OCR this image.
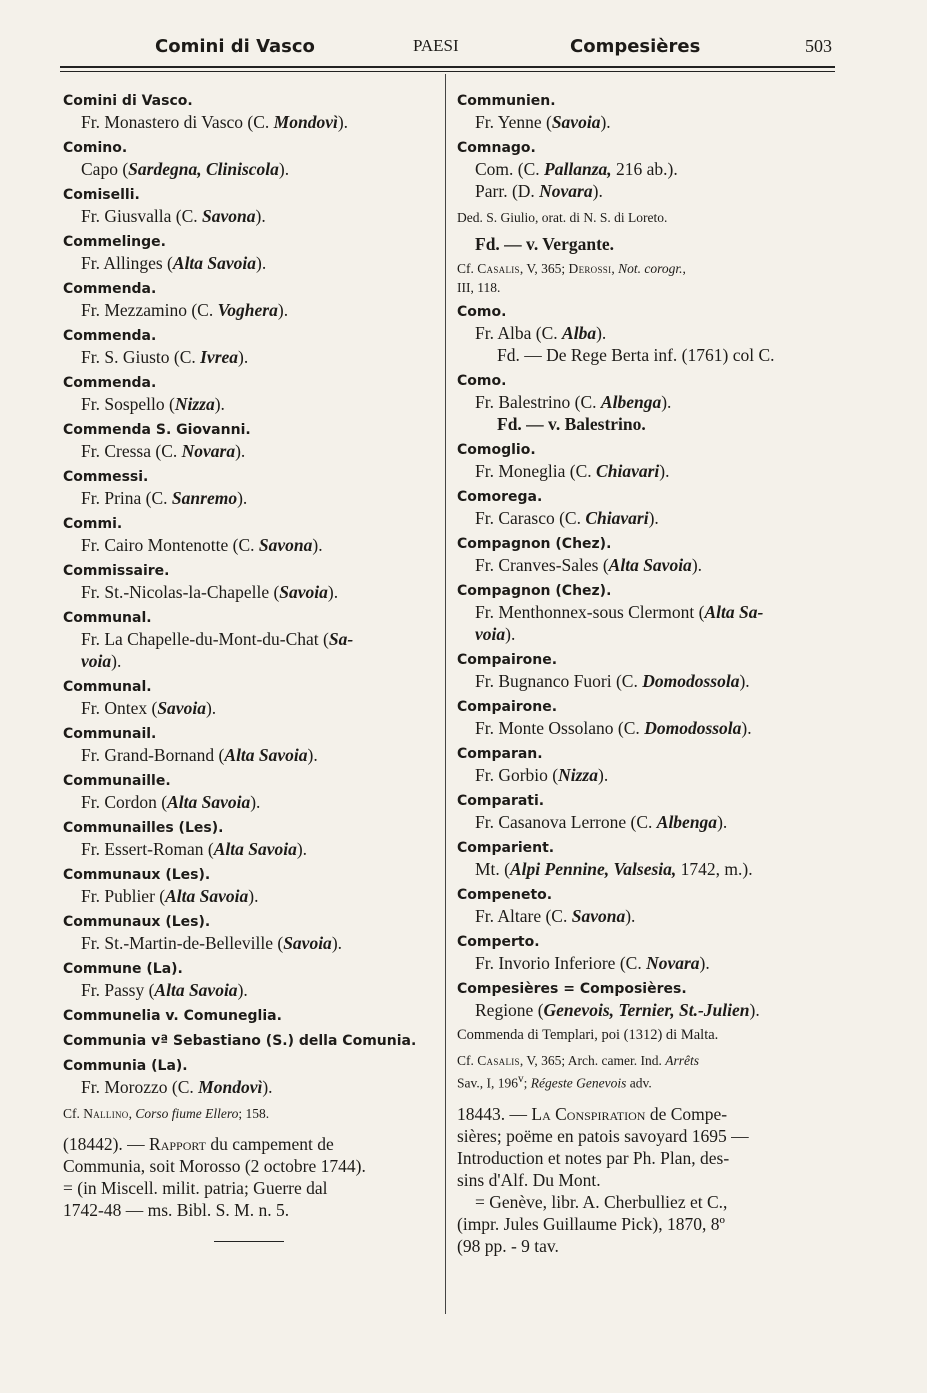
Comini di Vasco	PAESI	Compesières	503
Comini di Vasco.
Fr. Monastero di Vasco (C. Mondovì).
Comino.
Capo (Sardegna, Cliniscola).
Comiselli.
Fr. Giusvalla (C. Savona).
Commelinge.
Fr. Allinges (Alta Savoia).
Commenda.
Fr. Mezzamino (C. Voghera).
Commenda.
Fr. S. Giusto (C. Ivrea).
Commenda.
Fr. Sospello (Nizza).
Commenda S. Giovanni.
Fr. Cressa (C. Novara).
Commessi.
Fr. Prina (C. Sanremo).
Commi.
Fr. Cairo Montenotte (C. Savona).
Commissaire.
Fr. St.-Nicolas-la-Chapelle (Savoia).
Communal.
Fr. La Chapelle-du-Mont-du-Chat (Sa-
voia).
Communal.
Fr. Ontex (Savoia).
Communail.
Fr. Grand-Bornand (Alta Savoia).
Communaille.
Fr. Cordon (Alta Savoia).
Communailles (Les).
Fr. Essert-Roman (Alta Savoia).
Communaux (Les).
Fr. Publier (Alta Savoia).
Communaux (Les).
Fr. St.-Martin-de-Belleville (Savoia).
Commune (La).
Fr. Passy (Alta Savoia).
Communelia v. Comuneglia.
Communia vª Sebastiano (S.) della Comunia.
Communia (La).
Fr. Morozzo (C. Mondovì).
Cf. Nallino, Corso fiume Ellero; 158.
(18442). — Rapport du campement de
Communia, soit Morosso (2 octobre 1744).
= (in Miscell. milit. patria; Guerre dal
1742-48 — ms. Bibl. S. M. n. 5.
Communien.
Fr. Yenne (Savoia).
Comnago.
Com. (C. Pallanza, 216 ab.).
Parr. (D. Novara).
Ded. S. Giulio, orat. di N. S. di Loreto.
Fd. — v. Vergante.
Cf. Casalis, V, 365; Derossi, Not. corogr.,
III, 118.
Como.
Fr. Alba (C. Alba).
Fd. — De Rege Berta inf. (1761) col C.
Como.
Fr. Balestrino (C. Albenga).
Fd. — v. Balestrino.
Comoglio.
Fr. Moneglia (C. Chiavari).
Comorega.
Fr. Carasco (C. Chiavari).
Compagnon (Chez).
Fr. Cranves-Sales (Alta Savoia).
Compagnon (Chez).
Fr. Menthonnex-sous Clermont (Alta Sa-
voia).
Compairone.
Fr. Bugnanco Fuori (C. Domodossola).
Compairone.
Fr. Monte Ossolano (C. Domodossola).
Comparan.
Fr. Gorbio (Nizza).
Comparati.
Fr. Casanova Lerrone (C. Albenga).
Comparient.
Mt. (Alpi Pennine, Valsesia, 1742, m.).
Compeneto.
Fr. Altare (C. Savona).
Comperto.
Fr. Invorio Inferiore (C. Novara).
Compesières = Composières.
Regione (Genevois, Ternier, St.-Julien).
Commenda di Templari, poi (1312) di Malta.
Cf. Casalis, V, 365; Arch. camer. Ind. Arrêts
Sav., I, 196$^v$; Régeste Genevois adv.
18443. — La Conspiration de Compe-
sières; poëme en patois savoyard 1695 —
Introduction et notes par Ph. Plan, des-
sins d'Alf. Du Mont.
= Genève, libr. A. Cherbulliez et C.,
(impr. Jules Guillaume Pick), 1870, 8º
(98 pp. - 9 tav.
